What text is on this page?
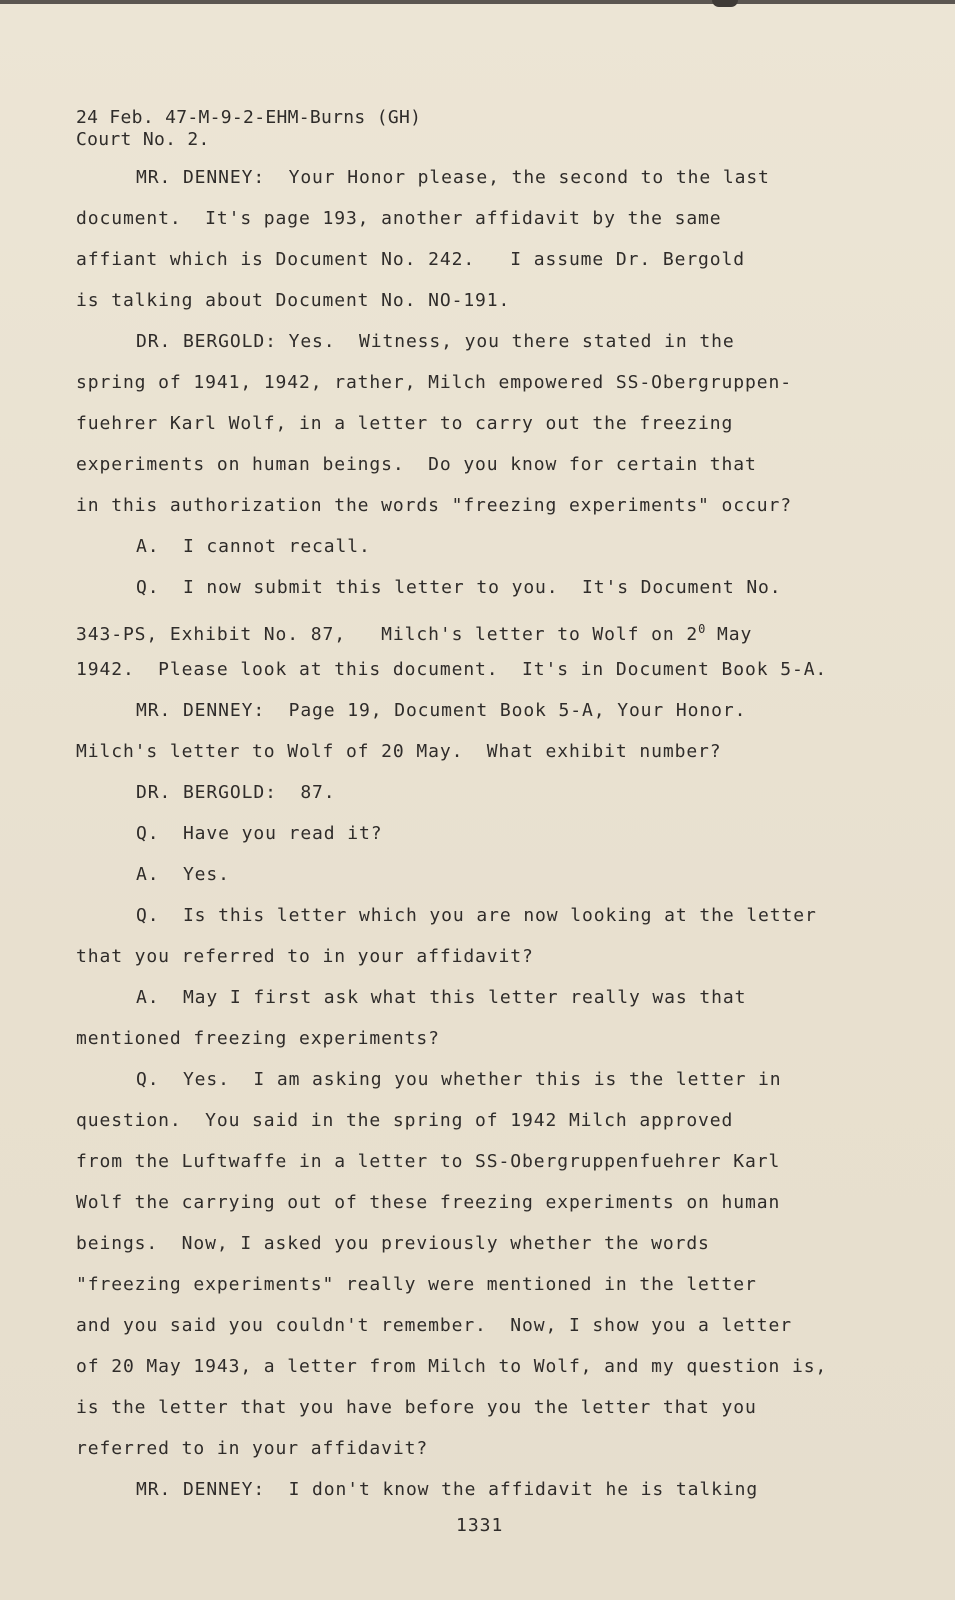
24 Feb. 47-M-9-2-EHM-Burns (GH)
Court No. 2.
MR. DENNEY:  Your Honor please, the second to the last
document.  It's page 193, another affidavit by the same
affiant which is Document No. 242.   I assume Dr. Bergold
is talking about Document No. NO-191.
DR. BERGOLD: Yes.  Witness, you there stated in the
spring of 1941, 1942, rather, Milch empowered SS-Obergruppen-
fuehrer Karl Wolf, in a letter to carry out the freezing
experiments on human beings.  Do you know for certain that
in this authorization the words "freezing experiments" occur?
A.  I cannot recall.
Q.  I now submit this letter to you.  It's Document No.
343-PS, Exhibit No. 87,   Milch's letter to Wolf on $2^0$ May
1942.  Please look at this document.  It's in Document Book 5-A.
MR. DENNEY:  Page 19, Document Book 5-A, Your Honor.
Milch's letter to Wolf of 20 May.  What exhibit number?
DR. BERGOLD:  87.
Q.  Have you read it?
A.  Yes.
Q.  Is this letter which you are now looking at the letter
that you referred to in your affidavit?
A.  May I first ask what this letter really was that
mentioned freezing experiments?
Q.  Yes.  I am asking you whether this is the letter in
question.  You said in the spring of 1942 Milch approved
from the Luftwaffe in a letter to SS-Obergruppenfuehrer Karl
Wolf the carrying out of these freezing experiments on human
beings.  Now, I asked you previously whether the words
"freezing experiments" really were mentioned in the letter
and you said you couldn't remember.  Now, I show you a letter
of 20 May 1943, a letter from Milch to Wolf, and my question is,
is the letter that you have before you the letter that you
referred to in your affidavit?
MR. DENNEY:  I don't know the affidavit he is talking
1331
